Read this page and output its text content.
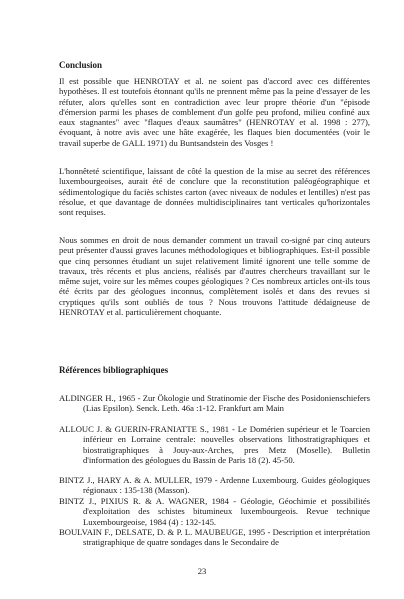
Conclusion
Il est possible que HENROTAY et al. ne soient pas d'accord avec ces différentes hypothèses. Il est toutefois étonnant qu'ils ne prennent même pas la peine d'essayer de les réfuter, alors qu'elles sont en contradiction avec leur propre théorie d'un "épisode d'émersion parmi les phases de comblement d'un golfe peu profond, milieu confiné aux eaux stagnantes" avec "flaques d'eaux saumâtres" (HENROTAY et al. 1998 : 277), évoquant, à notre avis avec une hâte exagérée, les flaques bien documentées (voir le travail superbe de GALL 1971) du Buntsandstein des Vosges !
L'honnêteté scientifique, laissant de côté la question de la mise au secret des références luxembourgeoises, aurait été de conclure que la reconstitution paléogéographique et sédimentologique du faciès schistes carton (avec niveaux de nodules et lentilles) n'est pas résolue, et que davantage de données multidisciplinaires tant verticales qu'horizontales sont requises.
Nous sommes en droit de nous demander comment un travail co-signé par cinq auteurs peut présenter d'aussi graves lacunes méthodologiques et bibliographiques. Est-il possible que cinq personnes étudiant un sujet relativement limité ignorent une telle somme de travaux, très récents et plus anciens, réalisés par d'autres chercheurs travaillant sur le même sujet, voire sur les mêmes coupes géologiques ? Ces nombreux articles ont-ils tous été écrits par des géologues inconnus, complètement isolés et dans des revues si cryptiques qu'ils sont oubliés de tous ? Nous trouvons l'attitude dédaigneuse de HENROTAY et al. particulièrement choquante.
Références bibliographiques
ALDINGER H., 1965 - Zur Ökologie und Stratinomie der Fische des Posidonienschiefers (Lias Epsilon). Senck. Leth. 46a :1-12. Frankfurt am Main
ALLOUC J. & GUERIN-FRANIATTE S., 1981 - Le Domérien supérieur et le Toarcien inférieur en Lorraine centrale: nouvelles observations lithostratigraphiques et biostratigraphiques à Jouy-aux-Arches, pres Metz (Moselle). Bulletin d'information des géologues du Bassin de Paris 18 (2). 45-50.
BINTZ J., HARY A. & A. MULLER, 1979 - Ardenne Luxembourg. Guides géologiques régionaux : 135-138 (Masson).
BINTZ J., PIXIUS R. & A. WAGNER, 1984 - Géologie, Géochimie et possibilités d'exploitation des schistes bitumineux luxembourgeois. Revue technique Luxembourgeoise, 1984 (4) : 132-145.
BOULVAIN F., DELSATE, D. & P. L. MAUBEUGE, 1995 - Description et interprétation stratigraphique de quatre sondages dans le Secondaire de
23
